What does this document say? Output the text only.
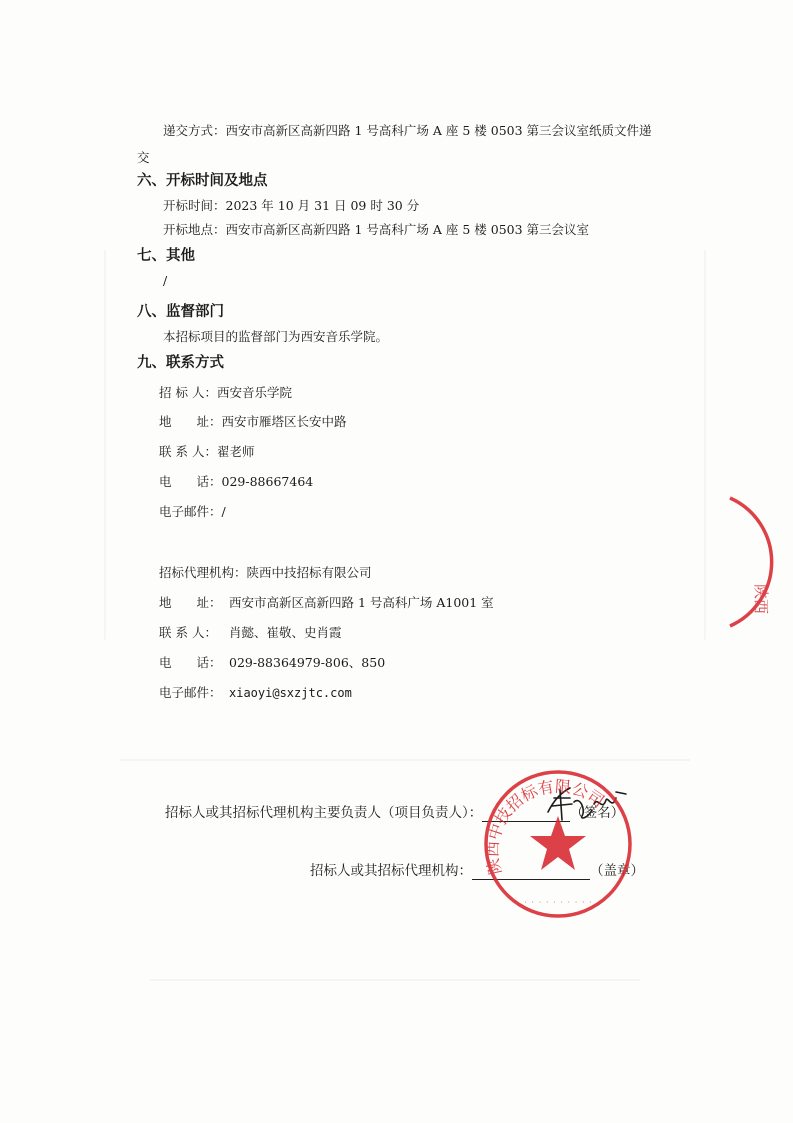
递交方式：西安市高新区高新四路 1 号高科广场 A 座 5 楼 0503 第三会议室纸质文件递
交
六、开标时间及地点
开标时间：2023 年 10 月 31 日 09 时 30 分
开标地点：西安市高新区高新四路 1 号高科广场 A 座 5 楼 0503 第三会议室
七、其他
/
八、监督部门
本招标项目的监督部门为西安音乐学院。
九、联系方式
招 标 人：西安音乐学院
地　　址：西安市雁塔区长安中路
联 系 人：翟老师
电　　话：029-88667464
电子邮件：/
招标代理机构：陕西中技招标有限公司
地　　址： 西安市高新区高新四路 1 号高科广场 A1001 室
联 系 人： 肖懿、崔敬、史肖霞
电　　话： 029-88364979-806、850
电子邮件： xiaoyi@sxzjtc.com
招标人或其招标代理机构主要负责人（项目负责人）：	（签名）
招标人或其招标代理机构：	（盖章）
陕西中技招标有限公司
· · · · · · · · · ·
陕西
